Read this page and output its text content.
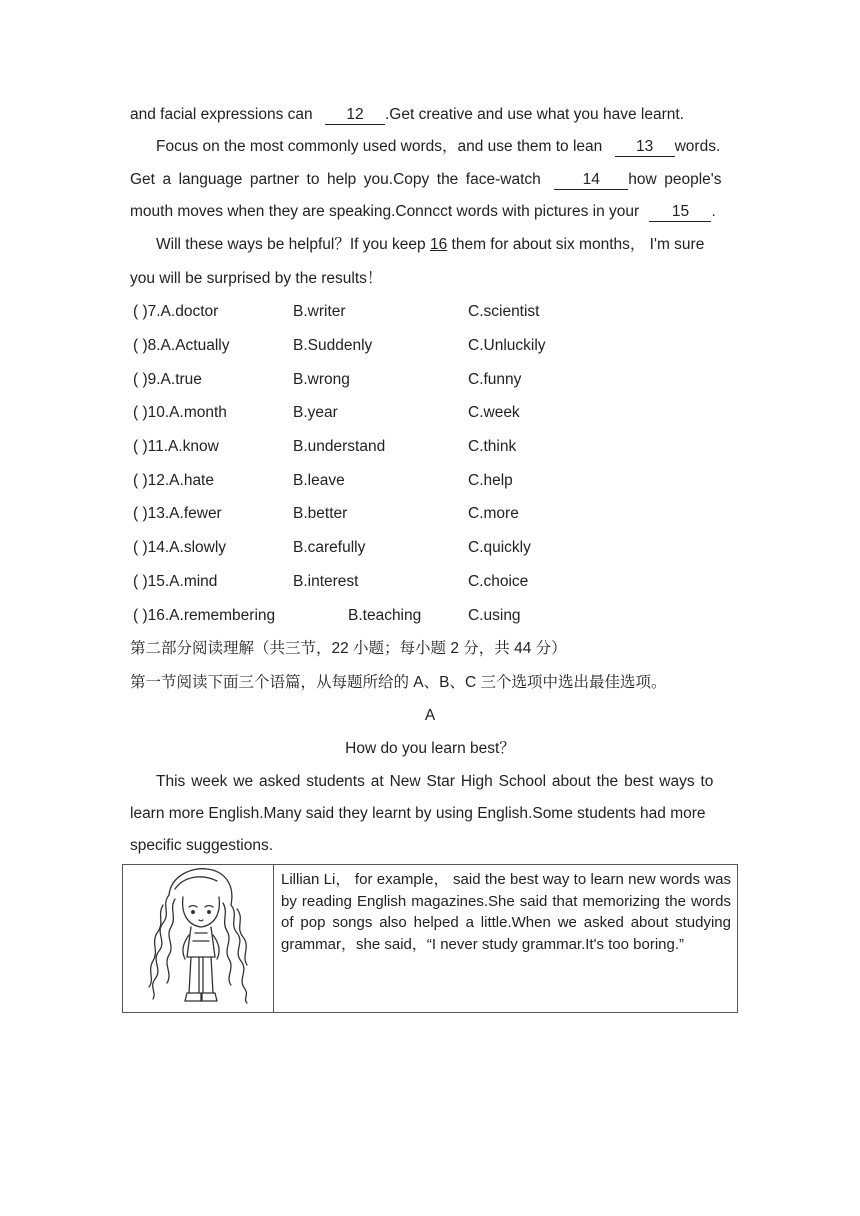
and facial expressions can 12 .Get creative and use what you have learnt.
Focus on the most commonly used words，and use them to lean 13 words.
Get a language partner to help you.Copy the face-watch	14 how people's
mouth moves when they are speaking.Conncct words with pictures in your 15 .
Will these ways be helpful？If you keep 16 them for about six months， I'm sure
you will be surprised by the results！
( )7.A.doctor	B.writer	C.scientist
( )8.A.Actually	B.Suddenly	C.Unluckily
( )9.A.true	B.wrong	C.funny
( )10.A.month	B.year	C.week
( )11.A.know	B.understand	C.think
( )12.A.hate	B.leave	C.help
( )13.A.fewer	B.better	C.more
( )14.A.slowly	B.carefully	C.quickly
( )15.A.mind	B.interest	C.choice
( )16.A.remembering	B.teaching	C.using
第二部分阅读理解（共三节，22 小题；每小题 2 分，共 44 分）
第一节阅读下面三个语篇，从每题所给的 A、B、C 三个选项中选出最佳选项。
A
How do you learn best？
This week we asked students at New Star High School about the best ways to
learn more English.Many said they learnt by using English.Some students had more
specific suggestions.
	Lillian Li， for example， said the best way to learn new words was by reading English magazines.She said that memorizing the words of pop songs also helped a little.When we asked about studying grammar，she said，“I never study grammar.It's too boring.”
